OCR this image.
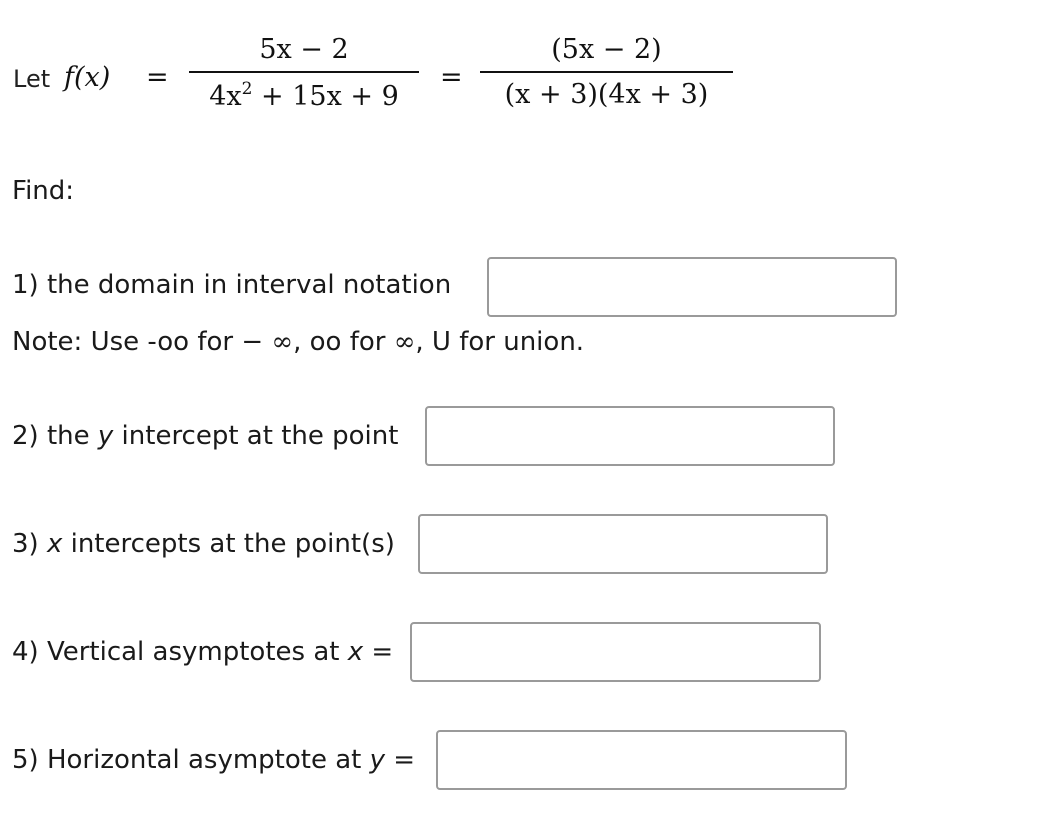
Let f(x) =
5x − 2
$4x^2 + 15x + 9$
=
(5x − 2)
(x + 3)(4x + 3)
Find:
1) the domain in interval notation
Note: Use -oo for − ∞, oo for ∞, U for union.
2) the y intercept at the point
3) x intercepts at the point(s)
4) Vertical asymptotes at x =
5) Horizontal asymptote at y =
